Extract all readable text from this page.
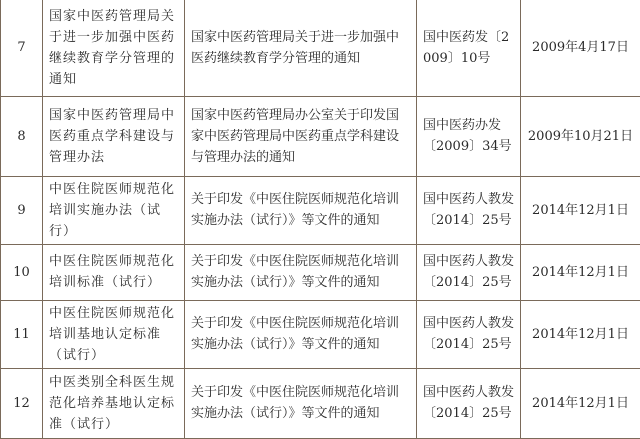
7	国家中医药管理局关于进一步加强中医药继续教育学分管理的通知	国家中医药管理局关于进一步加强中医药继续教育学分管理的通知	国中医药发〔2009〕10号	2009年4月17日
8	国家中医药管理局中医药重点学科建设与管理办法	国家中医药管理局办公室关于印发国家中医药管理局中医药重点学科建设与管理办法的通知	国中医药办发〔2009〕34号	2009年10月21日
9	中医住院医师规范化培训实施办法（试行）	关于印发《中医住院医师规范化培训实施办法（试行）》等文件的通知	国中医药人教发〔2014〕25号	2014年12月1日
10	中医住院医师规范化培训标准（试行）	关于印发《中医住院医师规范化培训实施办法（试行）》等文件的通知	国中医药人教发〔2014〕25号	2014年12月1日
11	中医住院医师规范化培训基地认定标准（试行）	关于印发《中医住院医师规范化培训实施办法（试行）》等文件的通知	国中医药人教发〔2014〕25号	2014年12月1日
12	中医类别全科医生规范化培养基地认定标准（试行）	关于印发《中医住院医师规范化培训实施办法（试行）》等文件的通知	国中医药人教发〔2014〕25号	2014年12月1日
